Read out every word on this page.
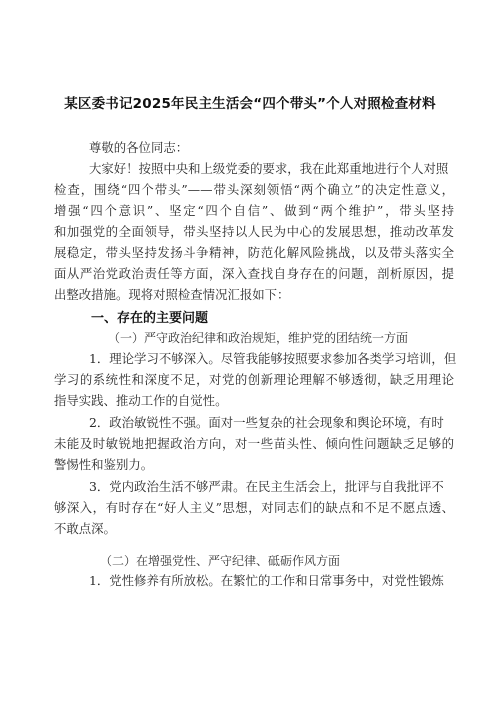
某区委书记2025年民主生活会“四个带头”个人对照检查材料
尊敬的各位同志：
大家好！按照中央和上级党委的要求，我在此郑重地进行个人对照
检查，围绕“四个带头”——带头深刻领悟“两个确立”的决定性意义，
增强“四个意识”、坚定“四个自信”、做到“两个维护”，带头坚持
和加强党的全面领导，带头坚持以人民为中心的发展思想，推动改革发
展稳定，带头坚持发扬斗争精神，防范化解风险挑战，以及带头落实全
面从严治党政治责任等方面，深入查找自身存在的问题，剖析原因，提
出整改措施。现将对照检查情况汇报如下：
一、存在的主要问题
（一）严守政治纪律和政治规矩，维护党的团结统一方面
1．理论学习不够深入。尽管我能够按照要求参加各类学习培训，但
学习的系统性和深度不足，对党的创新理论理解不够透彻，缺乏用理论
指导实践、推动工作的自觉性。
2．政治敏锐性不强。面对一些复杂的社会现象和舆论环境，有时
未能及时敏锐地把握政治方向，对一些苗头性、倾向性问题缺乏足够的
警惕性和鉴别力。
3．党内政治生活不够严肃。在民主生活会上，批评与自我批评不
够深入，有时存在“好人主义”思想，对同志们的缺点和不足不愿点透、
不敢点深。
（二）在增强党性、严守纪律、砥砺作风方面
1．党性修养有所放松。在繁忙的工作和日常事务中，对党性锻炼
